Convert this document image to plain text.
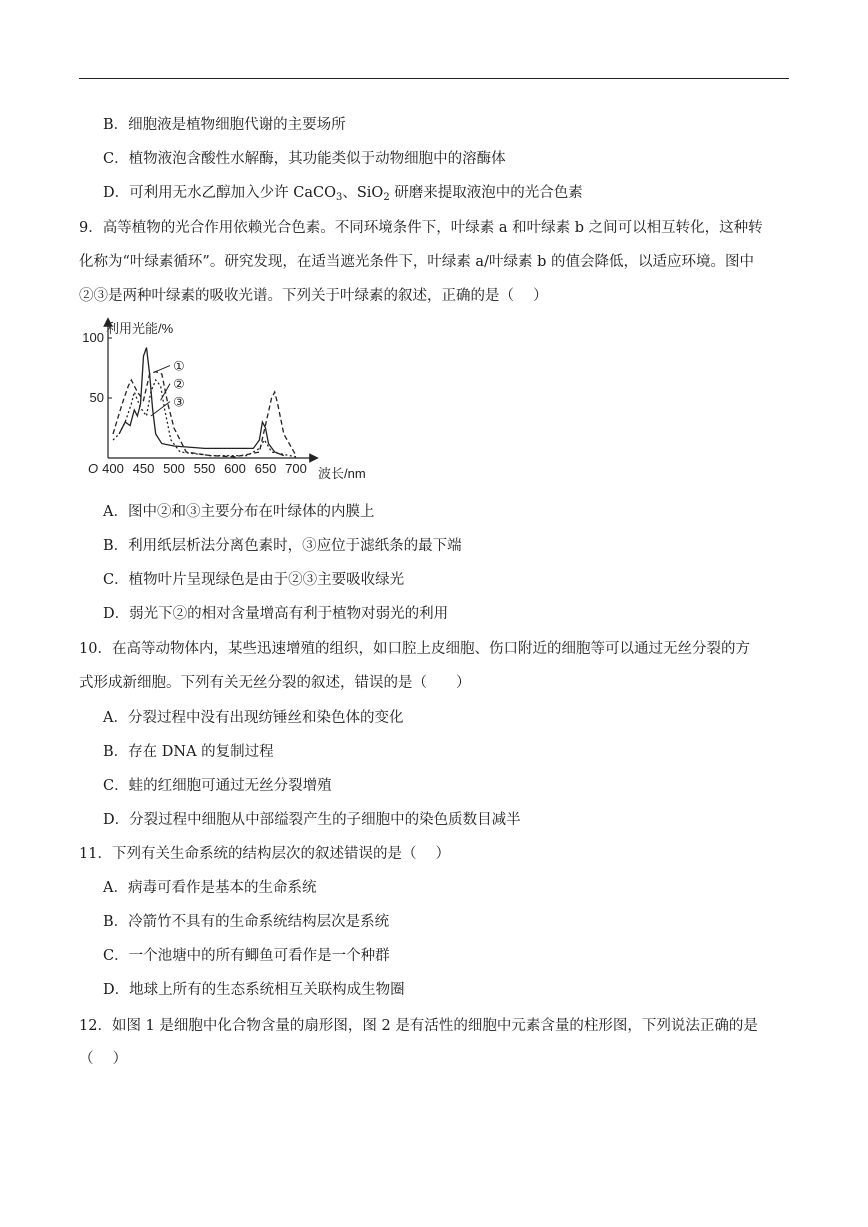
B．细胞液是植物细胞代谢的主要场所
C．植物液泡含酸性水解酶，其功能类似于动物细胞中的溶酶体
D．可利用无水乙醇加入少许 CaCO$_3$、SiO$_2$ 研磨来提取液泡中的光合色素
9．高等植物的光合作用依赖光合色素。不同环境条件下，叶绿素 a 和叶绿素 b 之间可以相互转化，这种转
化称为“叶绿素循环”。研究发现，在适当遮光条件下，叶绿素 a/叶绿素 b 的值会降低，以适应环境。图中
②③是两种叶绿素的吸收光谱。下列关于叶绿素的叙述，正确的是（　 ）
利用光能/%
波长/nm
O 400 450 500 550 600 650 700
50
100
①
②
③
A．图中②和③主要分布在叶绿体的内膜上
B．利用纸层析法分离色素时，③应位于滤纸条的最下端
C．植物叶片呈现绿色是由于②③主要吸收绿光
D．弱光下②的相对含量增高有利于植物对弱光的利用
10．在高等动物体内，某些迅速增殖的组织，如口腔上皮细胞、伤口附近的细胞等可以通过无丝分裂的方
式形成新细胞。下列有关无丝分裂的叙述，错误的是（　　）
A．分裂过程中没有出现纺锤丝和染色体的变化
B．存在 DNA 的复制过程
C．蛙的红细胞可通过无丝分裂增殖
D．分裂过程中细胞从中部缢裂产生的子细胞中的染色质数目减半
11．下列有关生命系统的结构层次的叙述错误的是（　 ）
A．病毒可看作是基本的生命系统
B．冷箭竹不具有的生命系统结构层次是系统
C．一个池塘中的所有鲫鱼可看作是一个种群
D．地球上所有的生态系统相互关联构成生物圈
12．如图 1 是细胞中化合物含量的扇形图，图 2 是有活性的细胞中元素含量的柱形图，下列说法正确的是
（　 ）
